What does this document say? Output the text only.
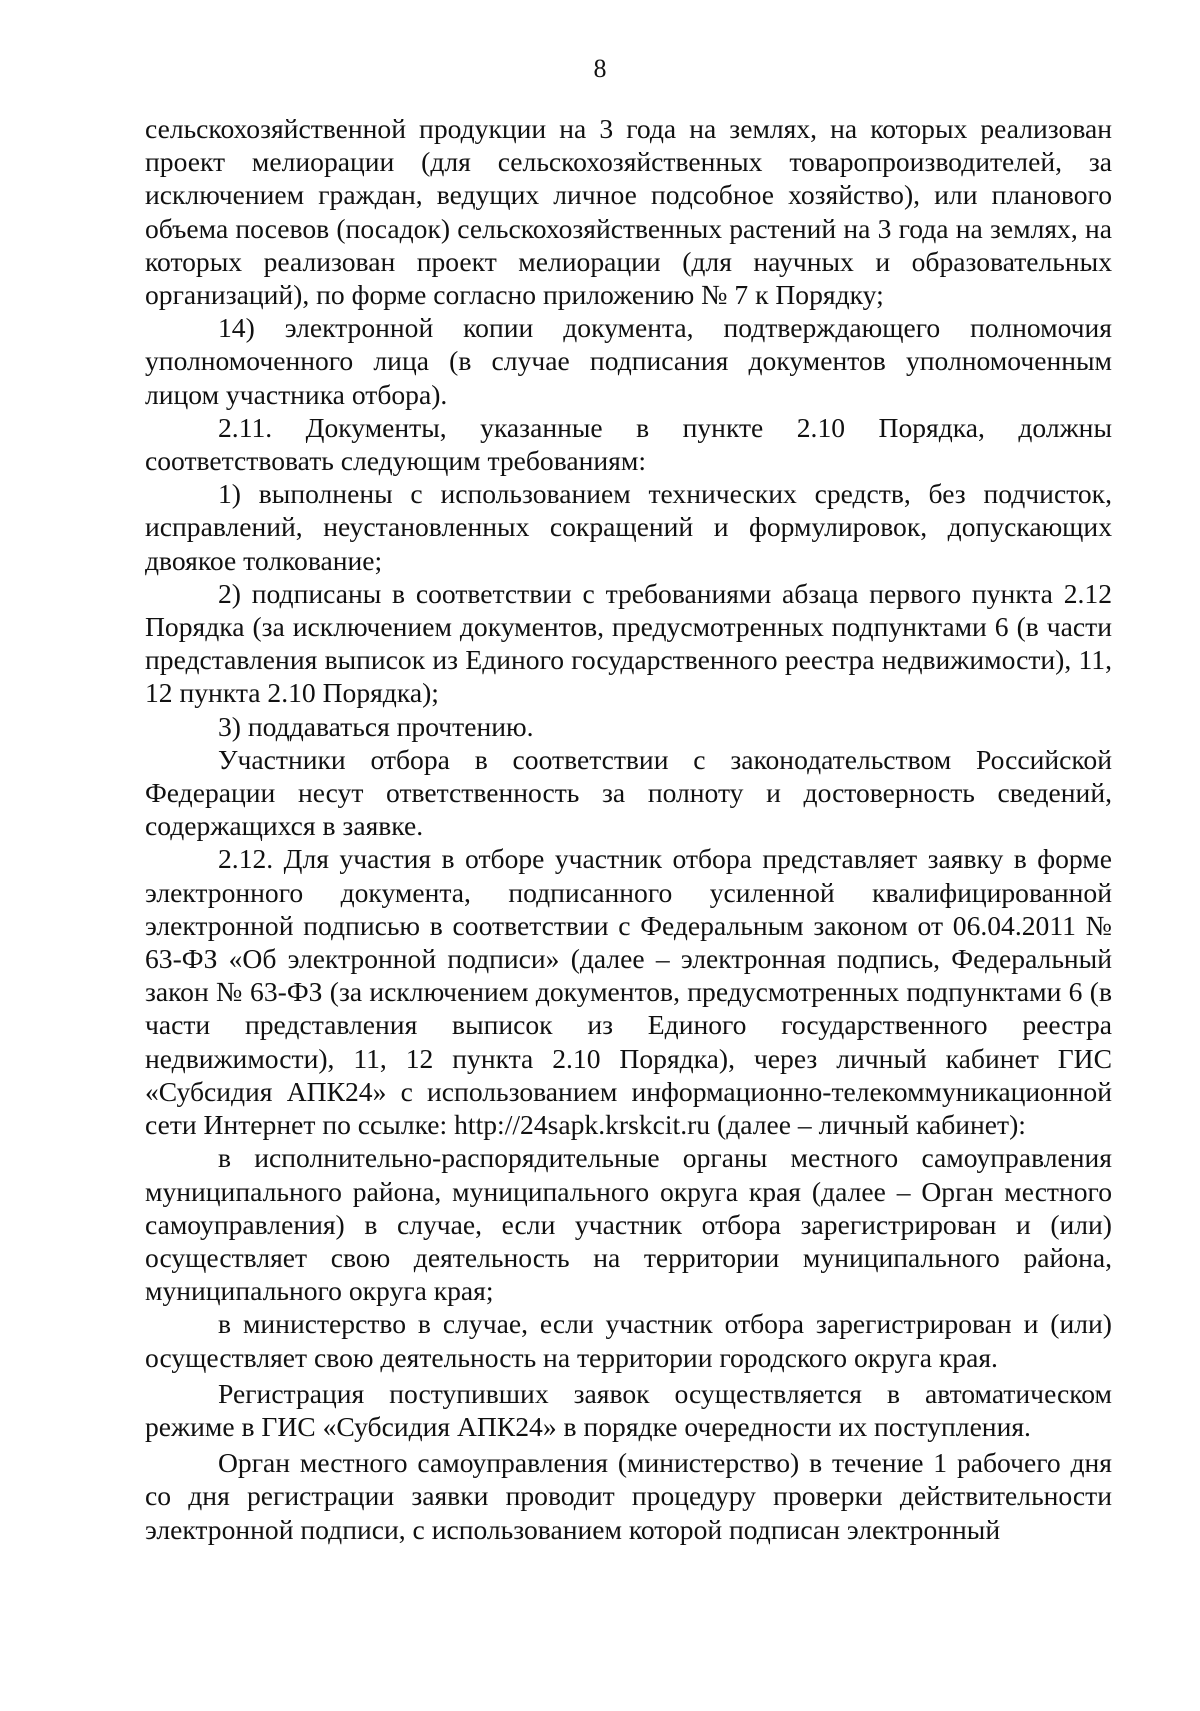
8

сельскохозяйственной продукции на 3 года на землях, на которых реализован проект мелиорации (для сельскохозяйственных товаропроизводителей, за исключением граждан, ведущих личное подсобное хозяйство), или планового объема посевов (посадок) сельскохозяйственных растений на 3 года на землях, на которых реализован проект мелиорации (для научных и образовательных организаций), по форме согласно приложению № 7 к Порядку;

14) электронной копии документа, подтверждающего полномочия уполномоченного лица (в случае подписания документов уполномоченным лицом участника отбора).

2.11. Документы, указанные в пункте 2.10 Порядка, должны соответствовать следующим требованиям:

1) выполнены с использованием технических средств, без подчисток, исправлений, неустановленных сокращений и формулировок, допускающих двоякое толкование;

2) подписаны в соответствии с требованиями абзаца первого пункта 2.12 Порядка (за исключением документов, предусмотренных подпунктами 6 (в части представления выписок из Единого государственного реестра недвижимости), 11, 12 пункта 2.10 Порядка);

3) поддаваться прочтению.

Участники отбора в соответствии с законодательством Российской Федерации несут ответственность за полноту и достоверность сведений, содержащихся в заявке.

2.12. Для участия в отборе участник отбора представляет заявку в форме электронного документа, подписанного усиленной квалифицированной электронной подписью в соответствии с Федеральным законом от 06.04.2011 № 63-ФЗ «Об электронной подписи» (далее – электронная подпись, Федеральный закон № 63-ФЗ (за исключением документов, предусмотренных подпунктами 6 (в части представления выписок из Единого государственного реестра недвижимости), 11, 12 пункта 2.10 Порядка), через личный кабинет ГИС «Субсидия АПК24» с использованием информационно-телекоммуникационной сети Интернет по ссылке: http://24sapk.krskcit.ru (далее – личный кабинет):

в исполнительно-распорядительные органы местного самоуправления муниципального района, муниципального округа края (далее – Орган местного самоуправления) в случае, если участник отбора зарегистрирован и (или) осуществляет свою деятельность на территории муниципального района, муниципального округа края;

в министерство в случае, если участник отбора зарегистрирован и (или) осуществляет свою деятельность на территории городского округа края.

Регистрация поступивших заявок осуществляется в автоматическом режиме в ГИС «Субсидия АПК24» в порядке очередности их поступления.

Орган местного самоуправления (министерство) в течение 1 рабочего дня со дня регистрации заявки проводит процедуру проверки действительности электронной подписи, с использованием которой подписан электронный
